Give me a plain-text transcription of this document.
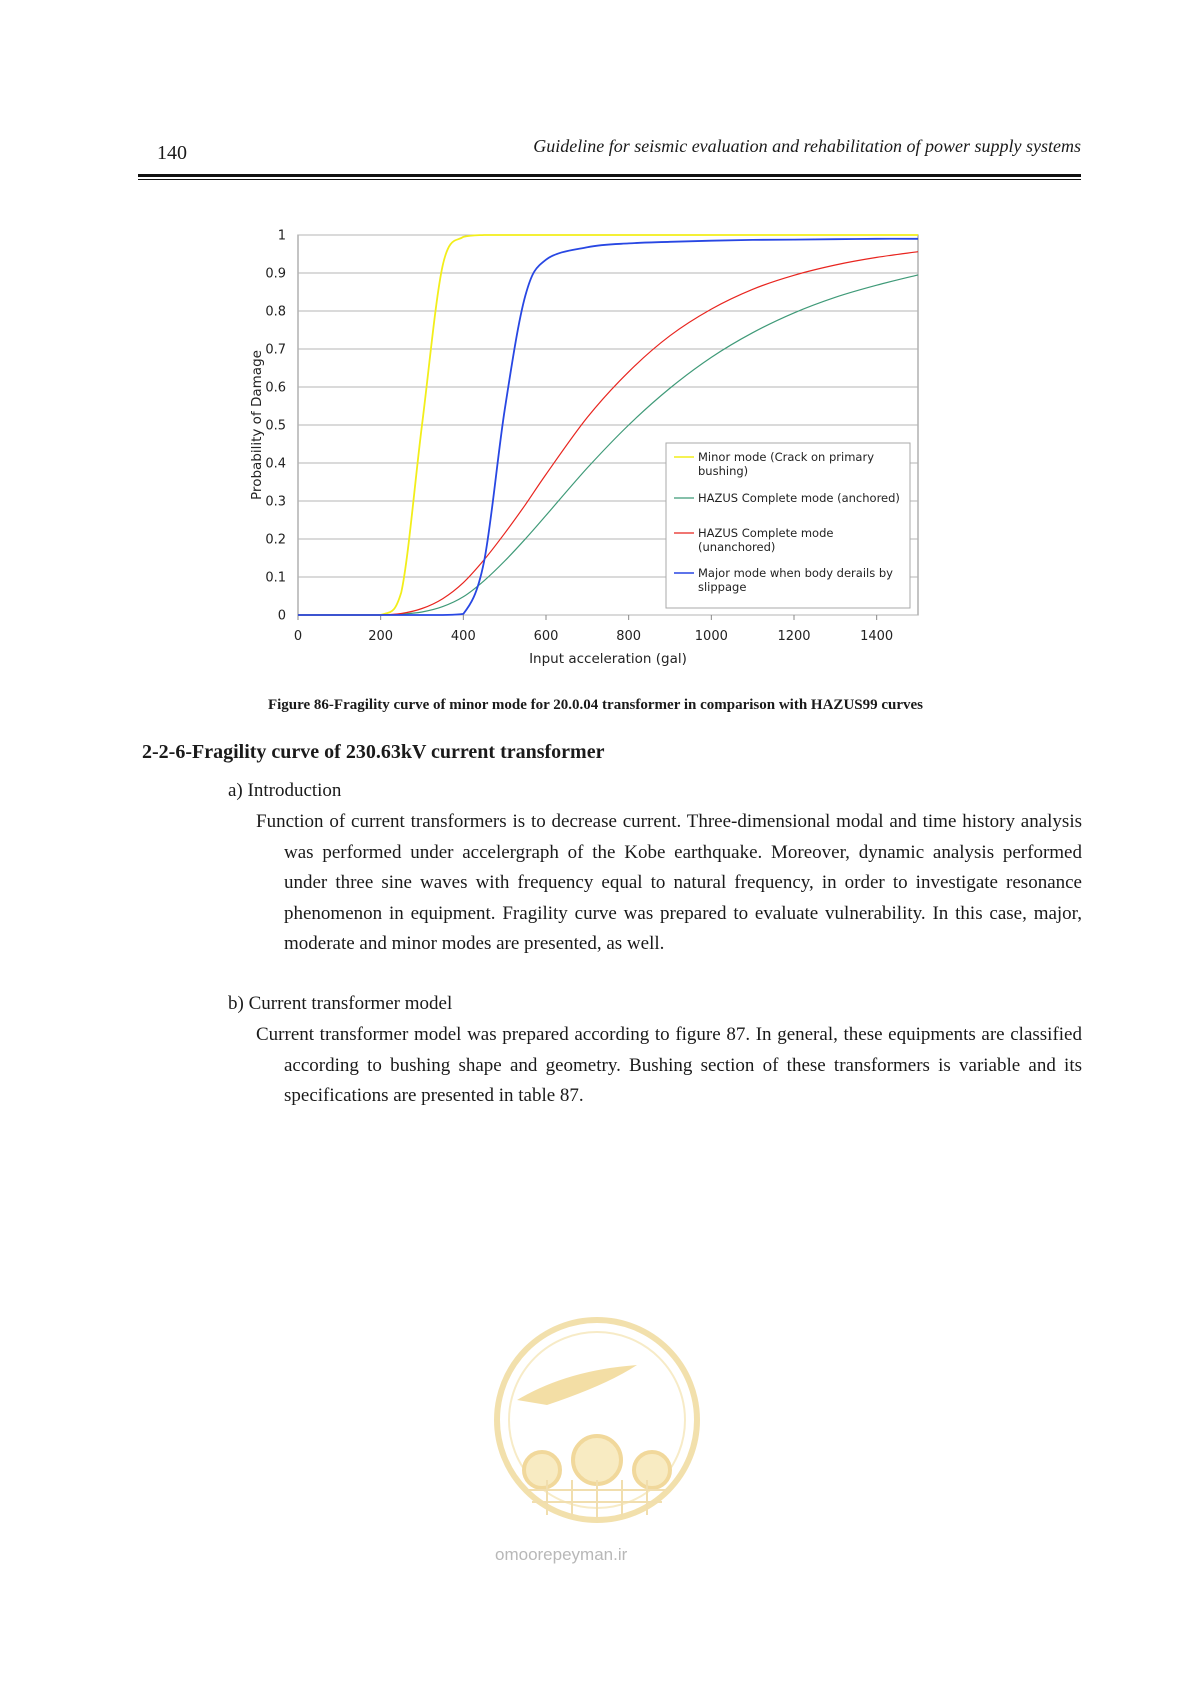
140	Guideline for seismic evaluation and rehabilitation of power supply systems
0
0.1
0.2
0.3
0.4
0.5
0.6
0.7
0.8
0.9
1
0	200	400	600	800	1000	1200	1400
Input acceleration (gal)
Probability of Damage	Minor mode (Crack on primary bushing)
HAZUS Complete mode (anchored)
HAZUS Complete mode (unanchored)
Major mode when body derails by slippage
Figure 86-Fragility curve of minor mode for 20.0.04 transformer in comparison with HAZUS99 curves
2-2-6-Fragility curve of 230.63kV current transformer
a) Introduction
Function of current transformers is to decrease current. Three-dimensional modal and time history analysis was performed under accelergraph of the Kobe earthquake. Moreover, dynamic analysis performed under three sine waves with frequency equal to natural frequency, in order to investigate resonance phenomenon in equipment. Fragility curve was prepared to evaluate vulnerability. In this case, major, moderate and minor modes are presented, as well.
b) Current transformer model
Current transformer model was prepared according to figure 87. In general, these equipments are classified according to bushing shape and geometry. Bushing section of these transformers is variable and its specifications are presented in table 87.
omoorepeyman.ir
